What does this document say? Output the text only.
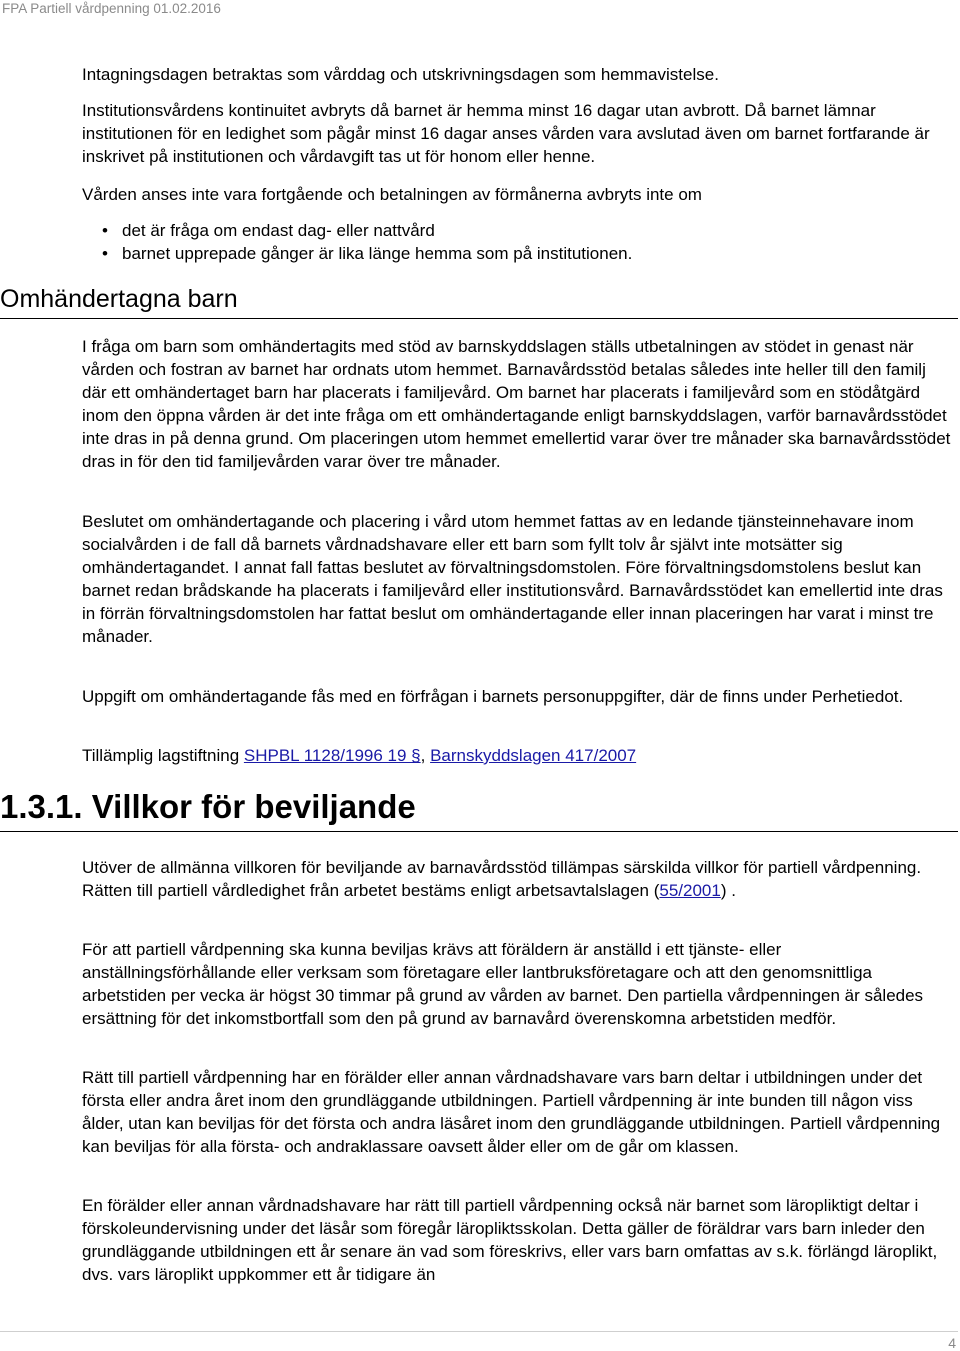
FPA Partiell vårdpenning 01.02.2016

Intagningsdagen betraktas som vårddag och utskrivningsdagen som hemmavistelse.

Institutionsvårdens kontinuitet avbryts då barnet är hemma minst 16 dagar utan avbrott. Då barnet lämnar institutionen för en ledighet som pågår minst 16 dagar anses vården vara avslutad även om barnet fortfarande är inskrivet på institutionen och vårdavgift tas ut för honom eller henne.

Vården anses inte vara fortgående och betalningen av förmånerna avbryts inte om

• det är fråga om endast dag- eller nattvård
• barnet upprepade gånger är lika länge hemma som på institutionen.
Omhändertagna barn

I fråga om barn som omhändertagits med stöd av barnskyddslagen ställs utbetalningen av stödet in genast när vården och fostran av barnet har ordnats utom hemmet. Barnavårdsstöd betalas således inte heller till den familj där ett omhändertaget barn har placerats i familjevård. Om barnet har placerats i familjevård som en stödåtgärd inom den öppna vården är det inte fråga om ett omhändertagande enligt barnskyddslagen, varför barnavårdsstödet inte dras in på denna grund. Om placeringen utom hemmet emellertid varar över tre månader ska barnavårdsstödet dras in för den tid familjevården varar över tre månader.

Beslutet om omhändertagande och placering i vård utom hemmet fattas av en ledande tjänsteinnehavare inom socialvården i de fall då barnets vårdnadshavare eller ett barn som fyllt tolv år självt inte motsätter sig omhändertagandet. I annat fall fattas beslutet av förvaltningsdomstolen. Före förvaltningsdomstolens beslut kan barnet redan brådskande ha placerats i familjevård eller institutionsvård. Barnavårdsstödet kan emellertid inte dras in förrän förvaltningsdomstolen har fattat beslut om omhändertagande eller innan placeringen har varat i minst tre månader.

Uppgift om omhändertagande fås med en förfrågan i barnets personuppgifter, där de finns under Perhetiedot.

Tillämplig lagstiftning SHPBL 1128/1996 19 §, Barnskyddslagen 417/2007

1.3.1. Villkor för beviljande

Utöver de allmänna villkoren för beviljande av barnavårdsstöd tillämpas särskilda villkor för partiell vårdpenning. Rätten till partiell vårdledighet från arbetet bestäms enligt arbetsavtalslagen (55/2001) .

För att partiell vårdpenning ska kunna beviljas krävs att föräldern är anställd i ett tjänste- eller anställningsförhållande eller verksam som företagare eller lantbruksföretagare och att den genomsnittliga arbetstiden per vecka är högst 30 timmar på grund av vården av barnet. Den partiella vårdpenningen är således ersättning för det inkomstbortfall som den på grund av barnavård överenskomna arbetstiden medför.

Rätt till partiell vårdpenning har en förälder eller annan vårdnadshavare vars barn deltar i utbildningen under det första eller andra året inom den grundläggande utbildningen. Partiell vårdpenning är inte bunden till någon viss ålder, utan kan beviljas för det första och andra läsåret inom den grundläggande utbildningen. Partiell vårdpenning kan beviljas för alla första- och andraklassare oavsett ålder eller om de går om klassen.

En förälder eller annan vårdnadshavare har rätt till partiell vårdpenning också när barnet som läropliktigt deltar i förskoleundervisning under det läsår som föregår läropliktsskolan. Detta gäller de föräldrar vars barn inleder den grundläggande utbildningen ett år senare än vad som föreskrivs, eller vars barn omfattas av s.k. förlängd läroplikt, dvs. vars läroplikt uppkommer ett år tidigare än

4
